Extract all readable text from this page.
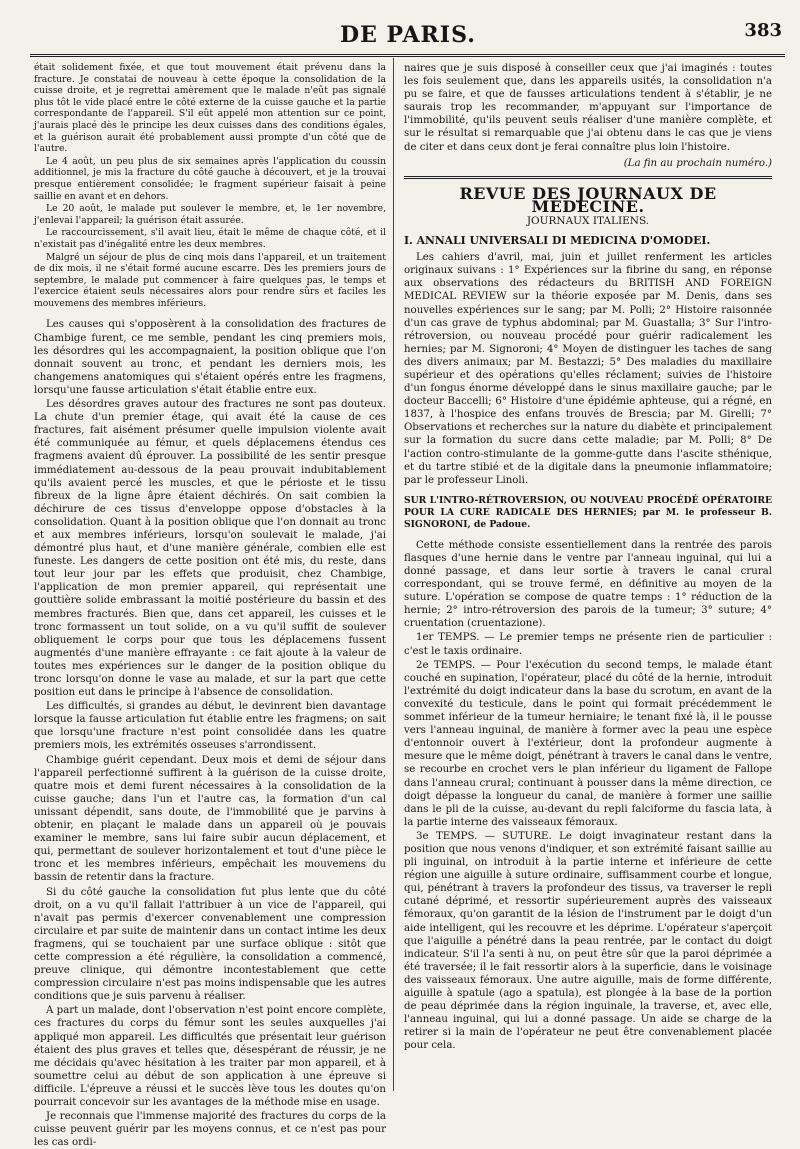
DE PARIS.	383

était solidement fixée, et que tout mouvement était prévenu dans la fracture. Je constatai de nouveau à cette époque la consolidation de la cuisse droite, et je regrettai amèrement que le malade n'eût pas signalé plus tôt le vide placé entre le côté externe de la cuisse gauche et la partie correspondante de l'appareil. S'il eût appelé mon attention sur ce point, j'aurais placé dès le principe les deux cuisses dans des conditions égales, et la guérison aurait été probablement aussi prompte d'un côté que de l'autre.

Le 4 août, un peu plus de six semaines après l'application du coussin additionnel, je mis la fracture du côté gauche à découvert, et je la trouvai presque entièrement consolidée; le fragment supérieur faisait à peine saillie en avant et en dehors.

Le 20 août, le malade put soulever le membre, et, le 1er novembre, j'enlevai l'appareil; la guérison était assurée.

Le raccourcissement, s'il avait lieu, était le même de chaque côté, et il n'existait pas d'inégalité entre les deux membres.

Malgré un séjour de plus de cinq mois dans l'appareil, et un traitement de dix mois, il ne s'était formé aucune escarre. Dès les premiers jours de septembre, le malade put commencer à faire quelques pas, le temps et l'exercice étaient seuls nécessaires alors pour rendre sûrs et faciles les mouvemens des membres inférieurs.

Les causes qui s'opposèrent à la consolidation des fractures de Chambige furent, ce me semble, pendant les cinq premiers mois, les désordres qui les accompagnaient, la position oblique que l'on donnait souvent au tronc, et pendant les derniers mois, les changemens anatomiques qui s'étaient opérés entre les fragmens, lorsqu'une fausse articulation s'était établie entre eux.

Les désordres graves autour des fractures ne sont pas douteux. La chute d'un premier étage, qui avait été la cause de ces fractures, fait aisément présumer quelle impulsion violente avait été communiquée au fémur, et quels déplacemens étendus ces fragmens avaient dû éprouver. La possibilité de les sentir presque immédiatement au-dessous de la peau prouvait indubitablement qu'ils avaient percé les muscles, et que le périoste et le tissu fibreux de la ligne âpre étaient déchirés. On sait combien la déchirure de ces tissus d'enveloppe oppose d'obstacles à la consolidation. Quant à la position oblique que l'on donnait au tronc et aux membres inférieurs, lorsqu'on soulevait le malade, j'ai démontré plus haut, et d'une manière générale, combien elle est funeste. Les dangers de cette position ont été mis, du reste, dans tout leur jour par les effets que produisit, chez Chambige, l'application de mon premier appareil, qui représentait une gouttière solide embrassant la moitié postérieure du bassin et des membres fracturés. Bien que, dans cet appareil, les cuisses et le tronc formassent un tout solide, on a vu qu'il suffit de soulever obliquement le corps pour que tous les déplacemens fussent augmentés d'une manière effrayante : ce fait ajoute à la valeur de toutes mes expériences sur le danger de la position oblique du tronc lorsqu'on donne le vase au malade, et sur la part que cette position eut dans le principe à l'absence de consolidation.

Les difficultés, si grandes au début, le devinrent bien davantage lorsque la fausse articulation fut établie entre les fragmens; on sait que lorsqu'une fracture n'est point consolidée dans les quatre premiers mois, les extrémités osseuses s'arrondissent.

Chambige guérit cependant. Deux mois et demi de séjour dans l'appareil perfectionné suffirent à la guérison de la cuisse droite, quatre mois et demi furent nécessaires à la consolidation de la cuisse gauche; dans l'un et l'autre cas, la formation d'un cal unissant dépendit, sans doute, de l'immobilité que je parvins à obtenir, en plaçant le malade dans un appareil où je pouvais examiner le membre, sans lui faire subir aucun déplacement, et qui, permettant de soulever horizontalement et tout d'une pièce le tronc et les membres inférieurs, empêchait les mouvemens du bassin de retentir dans la fracture.

Si du côté gauche la consolidation fut plus lente que du côté droit, on a vu qu'il fallait l'attribuer à un vice de l'appareil, qui n'avait pas permis d'exercer convenablement une compression circulaire et par suite de maintenir dans un contact intime les deux fragmens, qui se touchaient par une surface oblique : sitôt que cette compression a été régulière, la consolidation a commencé, preuve clinique, qui démontre incontestablement que cette compression circulaire n'est pas moins indispensable que les autres conditions que je suis parvenu à réaliser.

A part un malade, dont l'observation n'est point encore complète, ces fractures du corps du fémur sont les seules auxquelles j'ai appliqué mon appareil. Les difficultés que présentait leur guérison étaient des plus graves et telles que, désespérant de réussir, je ne me décidais qu'avec hésitation à les traiter par mon appareil, et à soumettre celui au début de son application à une épreuve si difficile. L'épreuve a réussi et le succès lève tous les doutes qu'on pourrait concevoir sur les avantages de la méthode mise en usage.

Je reconnais que l'immense majorité des fractures du corps de la cuisse peuvent guérir par les moyens connus, et ce n'est pas pour les cas ordi-

naires que je suis disposé à conseiller ceux que j'ai imaginés : toutes les fois seulement que, dans les appareils usités, la consolidation n'a pu se faire, et que de fausses articulations tendent à s'établir, je ne saurais trop les recommander, m'appuyant sur l'importance de l'immobilité, qu'ils peuvent seuls réaliser d'une manière complète, et sur le résultat si remarquable que j'ai obtenu dans le cas que je viens de citer et dans ceux dont je ferai connaître plus loin l'histoire.

(La fin au prochain numéro.)
REVUE DES JOURNAUX DE MÉDECINE.
JOURNAUX ITALIENS.

I. ANNALI UNIVERSALI DI MEDICINA D'OMODEI.

Les cahiers d'avril, mai, juin et juillet renferment les articles originaux suivans : 1° Expériences sur la fibrine du sang, en réponse aux observations des rédacteurs du BRITISH AND FOREIGN MEDICAL REVIEW sur la théorie exposée par M. Denis, dans ses nouvelles expériences sur le sang; par M. Polli; 2° Histoire raisonnée d'un cas grave de typhus abdominal; par M. Guastalla; 3° Sur l'intro-rétroversion, ou nouveau procédé pour guérir radicalement les hernies; par M. Signoroni; 4° Moyen de distinguer les taches de sang des divers animaux; par M. Bestazzi; 5° Des maladies du maxillaire supérieur et des opérations qu'elles réclament; suivies de l'histoire d'un fongus énorme développé dans le sinus maxillaire gauche; par le docteur Baccelli; 6° Histoire d'une épidémie aphteuse, qui a régné, en 1837, à l'hospice des enfans trouvés de Brescia; par M. Girelli; 7° Observations et recherches sur la nature du diabète et principalement sur la formation du sucre dans cette maladie; par M. Polli; 8° De l'action contro-stimulante de la gomme-gutte dans l'ascite sthénique, et du tartre stibié et de la digitale dans la pneumonie inflammatoire; par le professeur Linoli.

SUR L'INTRO-RÉTROVERSION, OU NOUVEAU PROCÉDÉ OPÉRATOIRE POUR LA CURE RADICALE DES HERNIES; par M. le professeur B. SIGNORONI, de Padoue.

Cette méthode consiste essentiellement dans la rentrée des parois flasques d'une hernie dans le ventre par l'anneau inguinal, qui lui a donné passage, et dans leur sortie à travers le canal crural correspondant, qui se trouve fermé, en définitive au moyen de la suture. L'opération se compose de quatre temps : 1° réduction de la hernie; 2° intro-rétroversion des parois de la tumeur; 3° suture; 4° cruentation (cruentazione).

1er TEMPS. — Le premier temps ne présente rien de particulier : c'est le taxis ordinaire.

2e TEMPS. — Pour l'exécution du second temps, le malade étant couché en supination, l'opérateur, placé du côté de la hernie, introduit l'extrémité du doigt indicateur dans la base du scrotum, en avant de la convexité du testicule, dans le point qui formait précédemment le sommet inférieur de la tumeur herniaire; le tenant fixé là, il le pousse vers l'anneau inguinal, de manière à former avec la peau une espèce d'entonnoir ouvert à l'extérieur, dont la profondeur augmente à mesure que le même doigt, pénétrant à travers le canal dans le ventre, se recourbe en crochet vers le plan inférieur du ligament de Fallope dans l'anneau crural; continuant à pousser dans la même direction, ce doigt dépasse la longueur du canal, de manière à former une saillie dans le pli de la cuisse, au-devant du repli falciforme du fascia lata, à la partie interne des vaisseaux fémoraux.

3e TEMPS. — SUTURE. Le doigt invaginateur restant dans la position que nous venons d'indiquer, et son extrémité faisant saillie au pli inguinal, on introduit à la partie interne et inférieure de cette région une aiguille à suture ordinaire, suffisamment courbe et longue, qui, pénétrant à travers la profondeur des tissus, va traverser le repli cutané déprimé, et ressortir supérieurement auprès des vaisseaux fémoraux, qu'on garantit de la lésion de l'instrument par le doigt d'un aide intelligent, qui les recouvre et les déprime. L'opérateur s'aperçoit que l'aiguille a pénétré dans la peau rentrée, par le contact du doigt indicateur. S'il l'a senti à nu, on peut être sûr que la paroi déprimée a été traversée; il le fait ressortir alors à la superficie, dans le voisinage des vaisseaux fémoraux. Une autre aiguille, mais de forme différente, aiguille à spatule (ago a spatula), est plongée à la base de la portion de peau déprimée dans la région inguinale, la traverse, et, avec elle, l'anneau inguinal, qui lui a donné passage. Un aide se charge de la retirer si la main de l'opérateur ne peut être convenablement placée pour cela.
